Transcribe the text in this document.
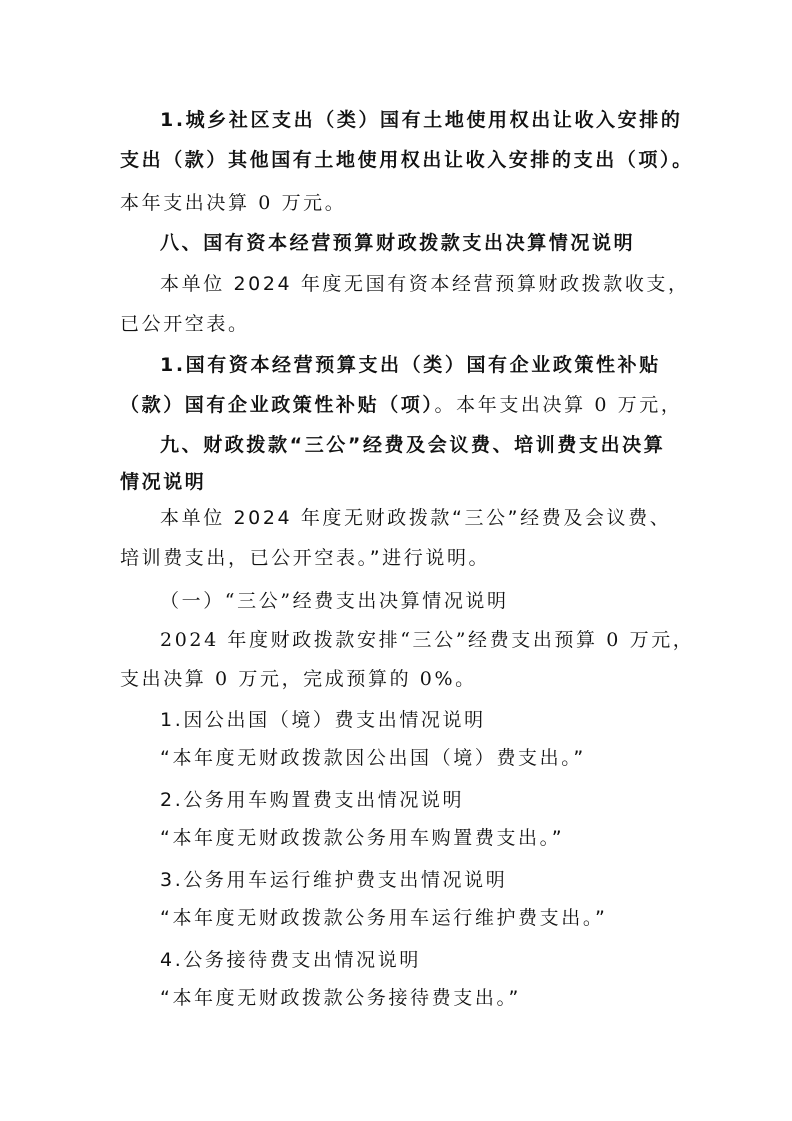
1.城乡社区支出（类）国有土地使用权出让收入安排的
支出（款）其他国有土地使用权出让收入安排的支出（项）。
本年支出决算 0 万元。
八、国有资本经营预算财政拨款支出决算情况说明
本单位 2024 年度无国有资本经营预算财政拨款收支，
已公开空表。
1.国有资本经营预算支出（类）国有企业政策性补贴
（款）国有企业政策性补贴（项）。本年支出决算 0 万元，
九、财政拨款“三公”经费及会议费、培训费支出决算
情况说明
本单位 2024 年度无财政拨款“三公”经费及会议费、
培训费支出，已公开空表。”进行说明。
（一）“三公”经费支出决算情况说明
2024 年度财政拨款安排“三公”经费支出预算 0 万元，
支出决算 0 万元，完成预算的 0%。
1.因公出国（境）费支出情况说明
“本年度无财政拨款因公出国（境）费支出。”
2.公务用车购置费支出情况说明
“本年度无财政拨款公务用车购置费支出。”
3.公务用车运行维护费支出情况说明
“本年度无财政拨款公务用车运行维护费支出。”
4.公务接待费支出情况说明
“本年度无财政拨款公务接待费支出。”
